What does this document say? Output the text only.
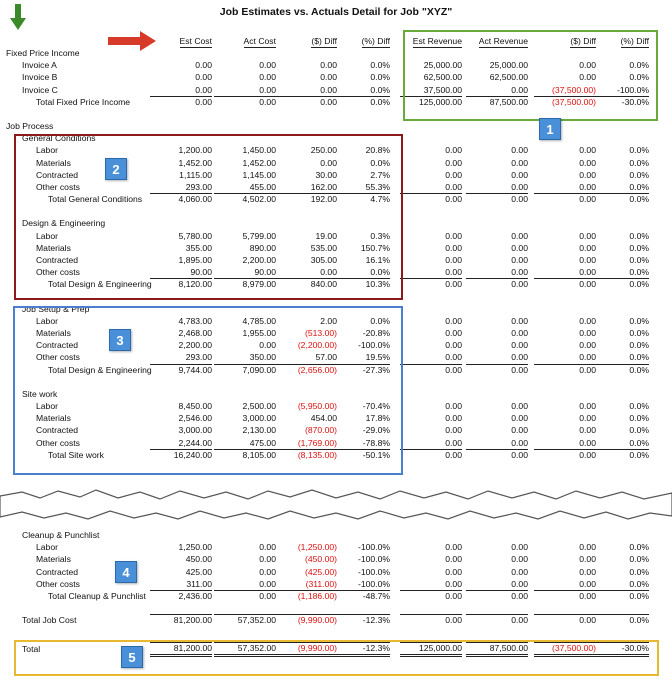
Job Estimates vs. Actuals Detail for Job "XYZ"
Est Cost	Act Cost	($) Diff	(%) Diff	Est Revenue	Act Revenue	($) Diff	(%) Diff
Fixed Price Income
Invoice A	0.00	0.00	0.00	0.0%	25,000.00	25,000.00	0.00	0.0%
Invoice B	0.00	0.00	0.00	0.0%	62,500.00	62,500.00	0.00	0.0%
Invoice C	0.00	0.00	0.00	0.0%	37,500.00	0.00	(37,500.00)	-100.0%
Total Fixed Price Income	0.00	0.00	0.00	0.0%	125,000.00	87,500.00	(37,500.00)	-30.0%
Job Process
General Conditions
Labor	1,200.00	1,450.00	250.00	20.8%	0.00	0.00	0.00	0.0%
Materials	1,452.00	1,452.00	0.00	0.0%	0.00	0.00	0.00	0.0%
Contracted	1,115.00	1,145.00	30.00	2.7%	0.00	0.00	0.00	0.0%
Other costs	293.00	455.00	162.00	55.3%	0.00	0.00	0.00	0.0%
Total General Conditions	4,060.00	4,502.00	192.00	4.7%	0.00	0.00	0.00	0.0%
Design & Engineering
Labor	5,780.00	5,799.00	19.00	0.3%	0.00	0.00	0.00	0.0%
Materials	355.00	890.00	535.00	150.7%	0.00	0.00	0.00	0.0%
Contracted	1,895.00	2,200.00	305.00	16.1%	0.00	0.00	0.00	0.0%
Other costs	90.00	90.00	0.00	0.0%	0.00	0.00	0.00	0.0%
Total Design & Engineering	8,120.00	8,979.00	840.00	10.3%	0.00	0.00	0.00	0.0%
Job Setup & Prep
Labor	4,783.00	4,785.00	2.00	0.0%	0.00	0.00	0.00	0.0%
Materials	2,468.00	1,955.00	(513.00)	-20.8%	0.00	0.00	0.00	0.0%
Contracted	2,200.00	0.00	(2,200.00)	-100.0%	0.00	0.00	0.00	0.0%
Other costs	293.00	350.00	57.00	19.5%	0.00	0.00	0.00	0.0%
Total Design & Engineering	9,744.00	7,090.00	(2,656.00)	-27.3%	0.00	0.00	0.00	0.0%
Site work
Labor	8,450.00	2,500.00	(5,950.00)	-70.4%	0.00	0.00	0.00	0.0%
Materials	2,546.00	3,000.00	454.00	17.8%	0.00	0.00	0.00	0.0%
Contracted	3,000.00	2,130.00	(870.00)	-29.0%	0.00	0.00	0.00	0.0%
Other costs	2,244.00	475.00	(1,769.00)	-78.8%	0.00	0.00	0.00	0.0%
Total Site work	16,240.00	8,105.00	(8,135.00)	-50.1%	0.00	0.00	0.00	0.0%
Cleanup & Punchlist
Labor	1,250.00	0.00	(1,250.00)	-100.0%	0.00	0.00	0.00	0.0%
Materials	450.00	0.00	(450.00)	-100.0%	0.00	0.00	0.00	0.0%
Contracted	425.00	0.00	(425.00)	-100.0%	0.00	0.00	0.00	0.0%
Other costs	311.00	0.00	(311.00)	-100.0%	0.00	0.00	0.00	0.0%
Total Cleanup & Punchlist	2,436.00	0.00	(1,186.00)	-48.7%	0.00	0.00	0.00	0.0%
Total Job Cost	81,200.00	57,352.00	(9,990.00)	-12.3%	0.00	0.00	0.00	0.0%
Total	81,200.00	57,352.00	(9,990.00)	-12.3%	125,000.00	87,500.00	(37,500.00)	-30.0%
1
2
3
4
5
